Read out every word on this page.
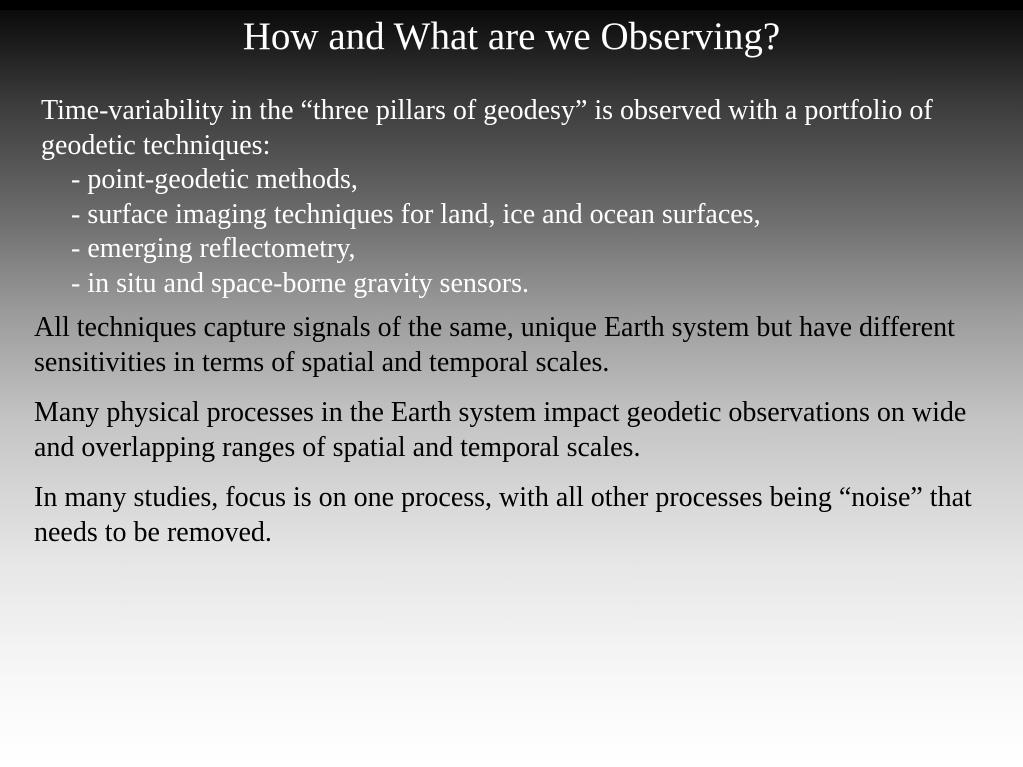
How and What are we Observing?

Time-variability in the “three pillars of geodesy” is observed with a portfolio of geodetic techniques:

- point-geodetic methods,
- surface imaging techniques for land, ice and ocean surfaces,
- emerging reflectometry,
- in situ and space-borne gravity sensors.

All techniques capture signals of the same, unique Earth system but have different sensitivities in terms of spatial and temporal scales.

Many physical processes in the Earth system impact geodetic observations on wide and overlapping ranges of spatial and temporal scales.

In many studies, focus is on one process, with all other processes being “noise” that needs to be removed.
